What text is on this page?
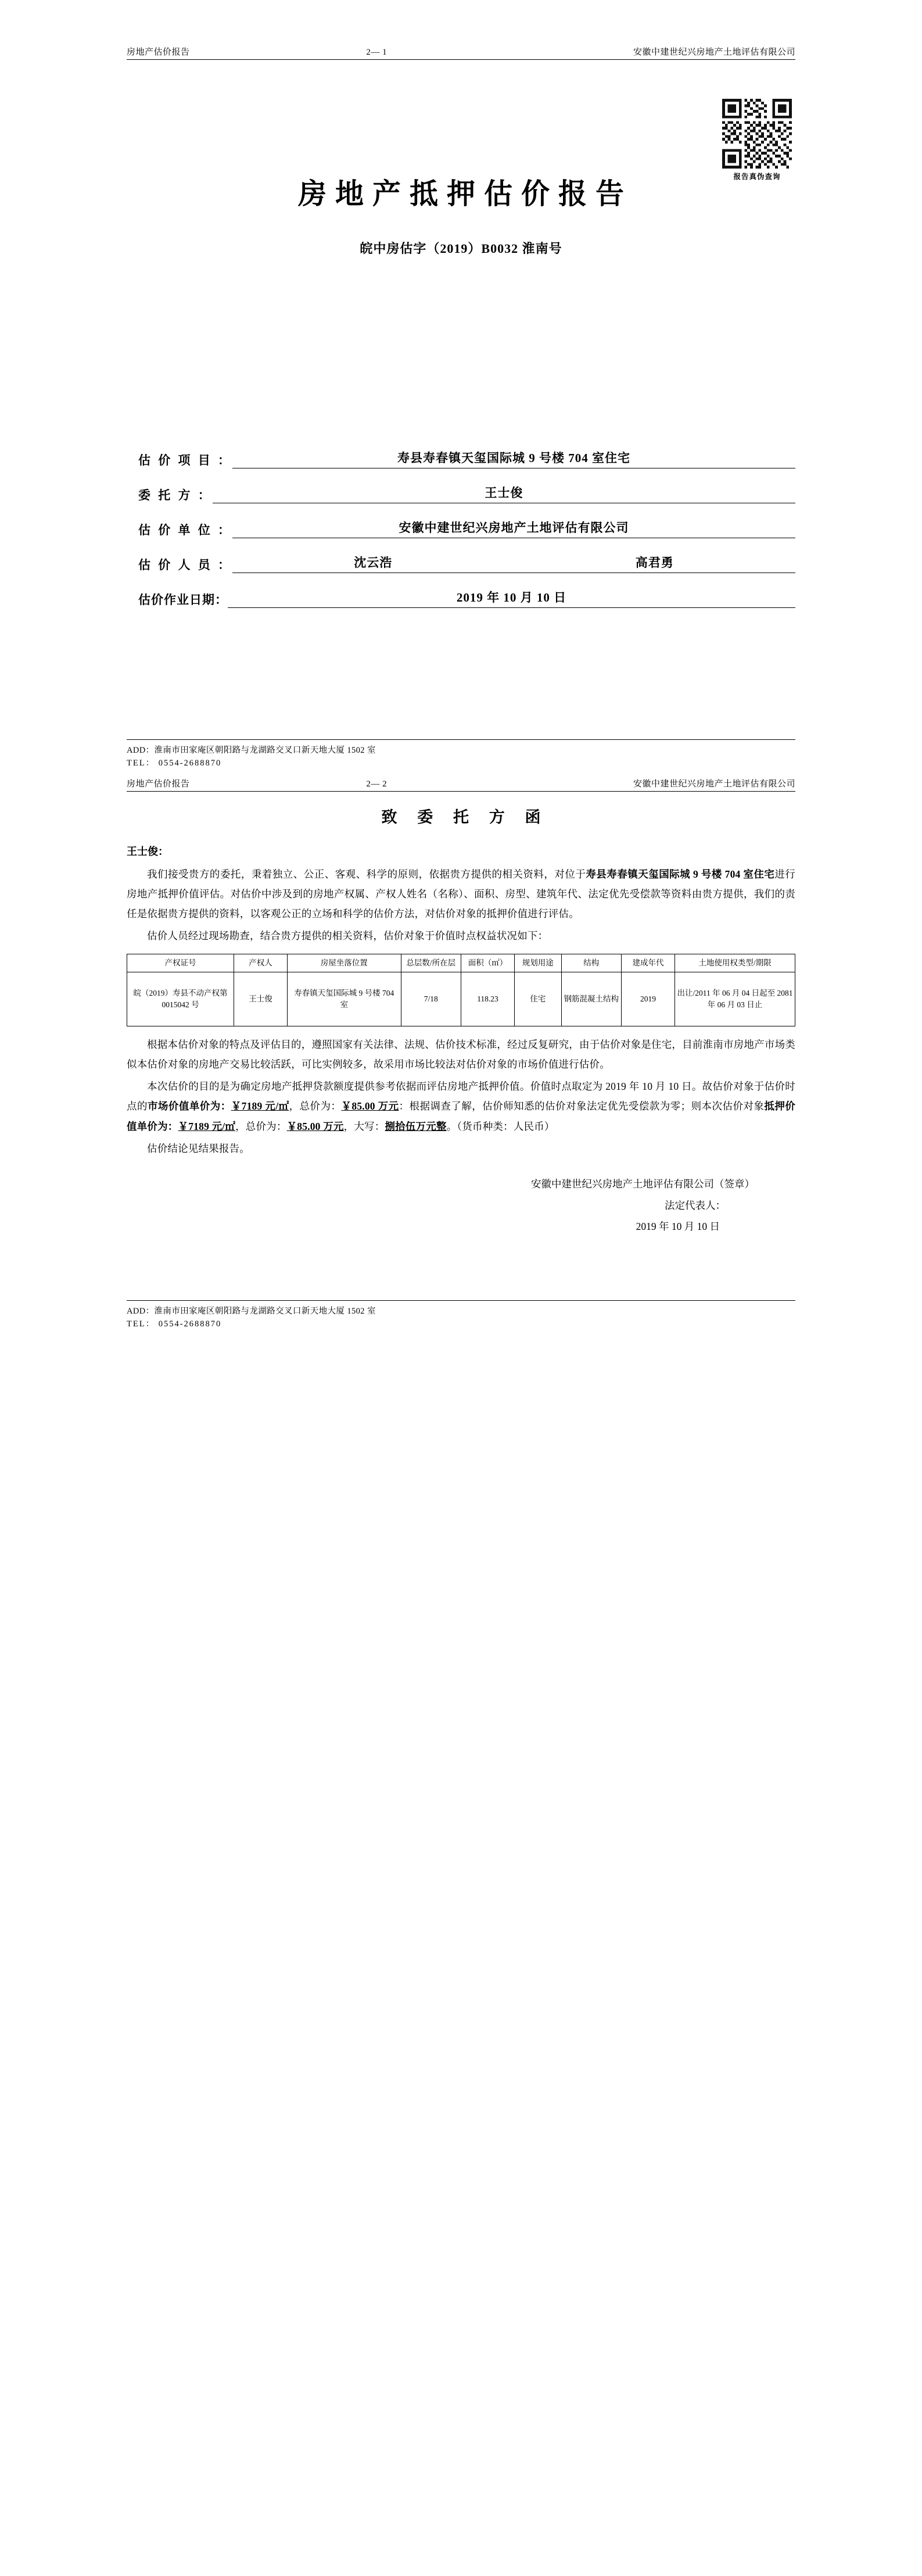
房地产估价报告	2— 1	安徽中建世纪兴房地产土地评估有限公司
报告真伪查询
房地产抵押估价报告
皖中房估字（2019）B0032 淮南号
估 价 项 目 ：	寿县寿春镇天玺国际城 9 号楼 704 室住宅
委 托 方 ：	王士俊
估 价 单 位 ：	安徽中建世纪兴房地产土地评估有限公司
估 价 人 员 ：	沈云浩	高君勇
估价作业日期：	2019 年 10 月 10 日
ADD：淮南市田家庵区朝阳路与龙湖路交叉口新天地大厦 1502 室
TEL： 0554-2688870
房地产估价报告	2— 2	安徽中建世纪兴房地产土地评估有限公司
致 委 托 方 函
王士俊：

我们接受贵方的委托，秉着独立、公正、客观、科学的原则，依据贵方提供的相关资料，对位于寿县寿春镇天玺国际城 9 号楼 704 室住宅进行房地产抵押价值评估。对估价中涉及到的房地产权属、产权人姓名（名称）、面积、房型、建筑年代、法定优先受偿款等资料由贵方提供，我们的责任是依据贵方提供的资料，以客观公正的立场和科学的估价方法，对估价对象的抵押价值进行评估。

估价人员经过现场勘查，结合贵方提供的相关资料，估价对象于价值时点权益状况如下：

产权证号	产权人	房屋坐落位置	总层数/所在层	面积（㎡）	规划用途	结构	建成年代	土地使用权类型/期限
皖（2019）寿县不动产权第 0015042 号	王士俊	寿春镇天玺国际城 9 号楼 704 室	7/18	118.23	住宅	钢筋混凝土结构	2019	出让/2011 年 06 月 04 日起至 2081 年 06 月 03 日止

根据本估价对象的特点及评估目的，遵照国家有关法律、法规、估价技术标准，经过反复研究，由于估价对象是住宅，目前淮南市房地产市场类似本估价对象的房地产交易比较活跃，可比实例较多，故采用市场比较法对估价对象的市场价值进行估价。

本次估价的目的是为确定房地产抵押贷款额度提供参考依据而评估房地产抵押价值。价值时点取定为 2019 年 10 月 10 日。故估价对象于估价时点的市场价值单价为：￥7189 元/㎡，总价为：￥85.00 万元：根据调查了解，估价师知悉的估价对象法定优先受偿款为零；则本次估价对象抵押价值单价为：￥7189 元/㎡，总价为：￥85.00 万元，大写：捌拾伍万元整。（货币种类：人民币）

估价结论见结果报告。

安徽中建世纪兴房地产土地评估有限公司（签章）
法定代表人：
2019 年 10 月 10 日
ADD：淮南市田家庵区朝阳路与龙湖路交叉口新天地大厦 1502 室
TEL： 0554-2688870
